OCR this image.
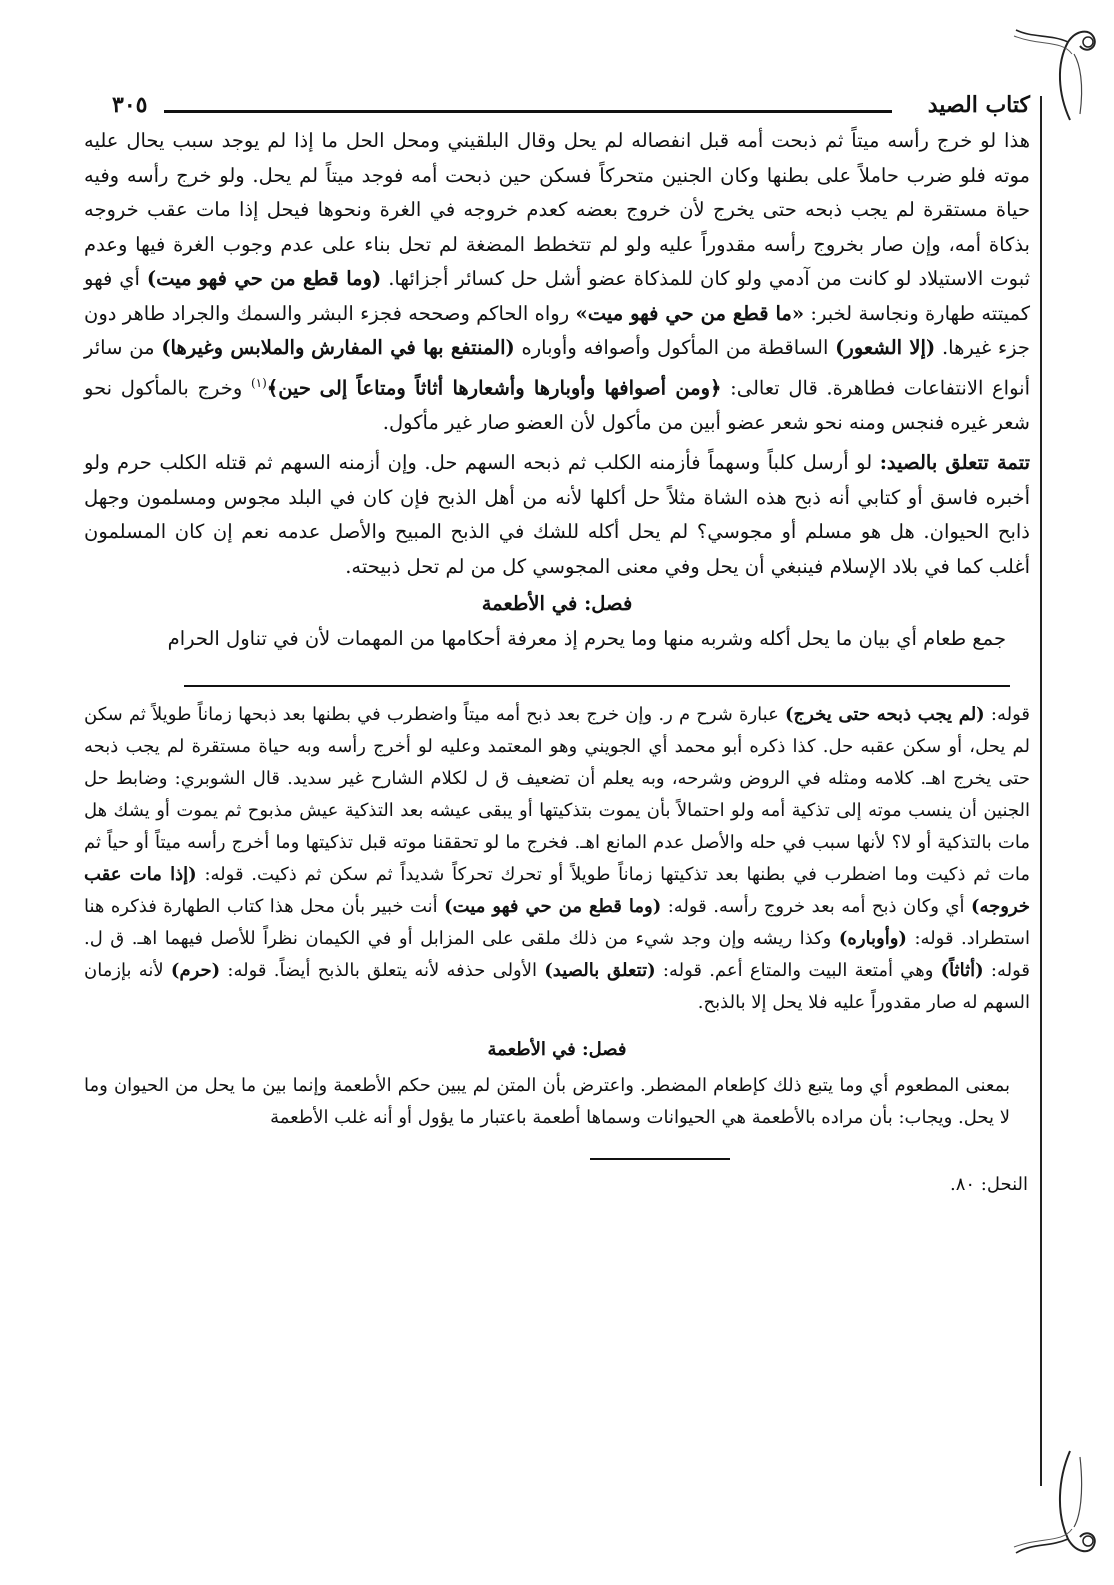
كتاب الصيد
٣٠٥

هذا لو خرج رأسه ميتاً ثم ذبحت أمه قبل انفصاله لم يحل وقال البلقيني ومحل الحل ما إذا لم يوجد سبب يحال عليه موته فلو ضرب حاملاً على بطنها وكان الجنين متحركاً فسكن حين ذبحت أمه فوجد ميتاً لم يحل. ولو خرج رأسه وفيه حياة مستقرة لم يجب ذبحه حتى يخرج لأن خروج بعضه كعدم خروجه في الغرة ونحوها فيحل إذا مات عقب خروجه بذكاة أمه، وإن صار بخروج رأسه مقدوراً عليه ولو لم تتخطط المضغة لم تحل بناء على عدم وجوب الغرة فيها وعدم ثبوت الاستيلاد لو كانت من آدمي ولو كان للمذكاة عضو أشل حل كسائر أجزائها. (وما قطع من حي فهو ميت) أي فهو كميتته طهارة ونجاسة لخبر: «ما قطع من حي فهو ميت» رواه الحاكم وصححه فجزء البشر والسمك والجراد طاهر دون جزء غيرها. (إلا الشعور) الساقطة من المأكول وأصوافه وأوباره (المنتفع بها في المفارش والملابس وغيرها) من سائر أنواع الانتفاعات فطاهرة. قال تعالى: ﴿ومن أصوافها وأوبارها وأشعارها أثاثاً ومتاعاً إلى حين﴾$^{(١)}$ وخرج بالمأكول نحو شعر غيره فنجس ومنه نحو شعر عضو أبين من مأكول لأن العضو صار غير مأكول.

تتمة تتعلق بالصيد: لو أرسل كلباً وسهماً فأزمنه الكلب ثم ذبحه السهم حل. وإن أزمنه السهم ثم قتله الكلب حرم ولو أخبره فاسق أو كتابي أنه ذبح هذه الشاة مثلاً حل أكلها لأنه من أهل الذبح فإن كان في البلد مجوس ومسلمون وجهل ذابح الحيوان. هل هو مسلم أو مجوسي؟ لم يحل أكله للشك في الذبح المبيح والأصل عدمه نعم إن كان المسلمون أغلب كما في بلاد الإسلام فينبغي أن يحل وفي معنى المجوسي كل من لم تحل ذبيحته.

فصل: في الأطعمة

جمع طعام أي بيان ما يحل أكله وشربه منها وما يحرم إذ معرفة أحكامها من المهمات لأن في تناول الحرام

قوله: (لم يجب ذبحه حتى يخرج) عبارة شرح م ر. وإن خرج بعد ذبح أمه ميتاً واضطرب في بطنها بعد ذبحها زماناً طويلاً ثم سكن لم يحل، أو سكن عقبه حل. كذا ذكره أبو محمد أي الجويني وهو المعتمد وعليه لو أخرج رأسه وبه حياة مستقرة لم يجب ذبحه حتى يخرج اهـ. كلامه ومثله في الروض وشرحه، وبه يعلم أن تضعيف ق ل لكلام الشارح غير سديد. قال الشوبري: وضابط حل الجنين أن ينسب موته إلى تذكية أمه ولو احتمالاً بأن يموت بتذكيتها أو يبقى عيشه بعد التذكية عيش مذبوح ثم يموت أو يشك هل مات بالتذكية أو لا؟ لأنها سبب في حله والأصل عدم المانع اهـ. فخرج ما لو تحققنا موته قبل تذكيتها وما أخرج رأسه ميتاً أو حياً ثم مات ثم ذكيت وما اضطرب في بطنها بعد تذكيتها زماناً طويلاً أو تحرك تحركاً شديداً ثم سكن ثم ذكيت. قوله: (إذا مات عقب خروجه) أي وكان ذبح أمه بعد خروج رأسه. قوله: (وما قطع من حي فهو ميت) أنت خبير بأن محل هذا كتاب الطهارة فذكره هنا استطراد. قوله: (وأوباره) وكذا ريشه وإن وجد شيء من ذلك ملقى على المزابل أو في الكيمان نظراً للأصل فيهما اهـ. ق ل. قوله: (أثاثاً) وهي أمتعة البيت والمتاع أعم. قوله: (تتعلق بالصيد) الأولى حذفه لأنه يتعلق بالذبح أيضاً. قوله: (حرم) لأنه بإزمان السهم له صار مقدوراً عليه فلا يحل إلا بالذبح.

فصل: في الأطعمة

بمعنى المطعوم أي وما يتبع ذلك كإطعام المضطر. واعترض بأن المتن لم يبين حكم الأطعمة وإنما بين ما يحل من الحيوان وما لا يحل. ويجاب: بأن مراده بالأطعمة هي الحيوانات وسماها أطعمة باعتبار ما يؤول أو أنه غلب الأطعمة

النحل: ٨٠.
